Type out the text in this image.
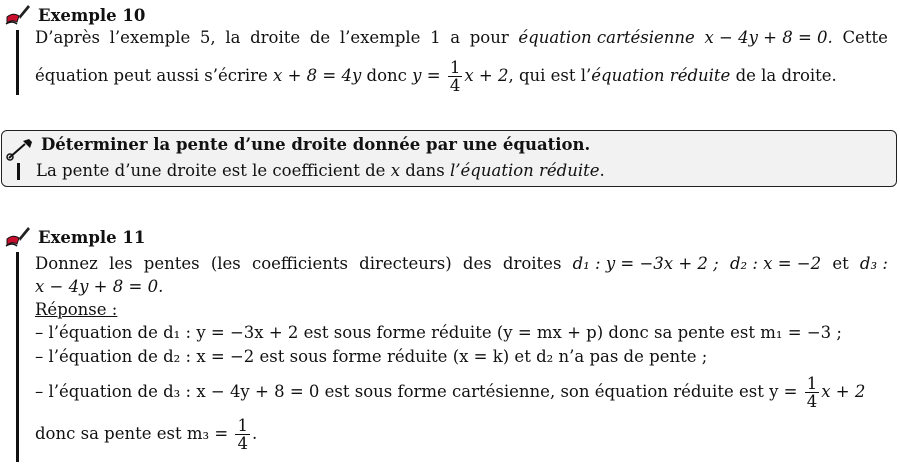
Exemple 10
D’après l’exemple 5, la droite de l’exemple 1 a pour équation cartésienne x − 4y + 8 = 0. Cette
équation peut aussi s’écrire x + 8 = 4y donc $y = \frac{1}{4}$ x + 2, qui est l’équation réduite de la droite.
Déterminer la pente d’une droite donnée par une équation.
La pente d’une droite est le coefficient de x dans l’équation réduite.
Exemple 11
Donnez les pentes (les coefficients directeurs) des droites d₁ : y = −3x + 2 ; d₂ : x = −2 et d₃ :
x − 4y + 8 = 0.
Réponse :
– l’équation de d₁ : y = −3x + 2 est sous forme réduite (y = mx + p) donc sa pente est m₁ = −3 ;
– l’équation de d₂ : x = −2 est sous forme réduite (x = k) et d₂ n’a pas de pente ;
– l’équation de d₃ : x − 4y + 8 = 0 est sous forme cartésienne, son équation réduite est $y = \frac{1}{4}$ x + 2
donc sa pente est $m_3 = \frac{1}{4}$ .
